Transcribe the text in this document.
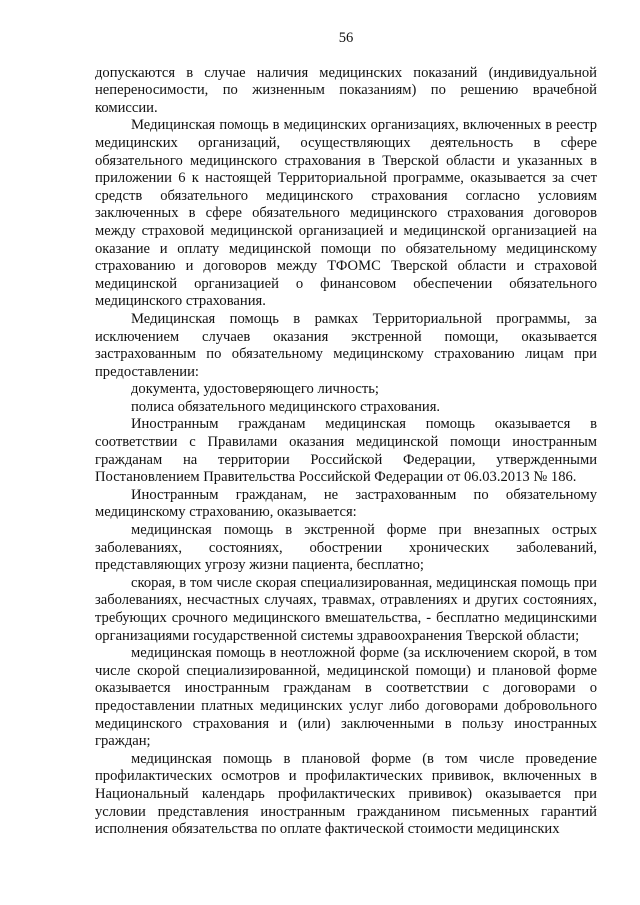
56

допускаются в случае наличия медицинских показаний (индивидуальной непереносимости, по жизненным показаниям) по решению врачебной комиссии.

Медицинская помощь в медицинских организациях, включенных в реестр медицинских организаций, осуществляющих деятельность в сфере обязательного медицинского страхования в Тверской области и указанных в приложении 6 к настоящей Территориальной программе, оказывается за счет средств обязательного медицинского страхования согласно условиям заключенных в сфере обязательного медицинского страхования договоров между страховой медицинской организацией и медицинской организацией на оказание и оплату медицинской помощи по обязательному медицинскому страхованию и договоров между ТФОМС Тверской области и страховой медицинской организацией о финансовом обеспечении обязательного медицинского страхования.

Медицинская помощь в рамках Территориальной программы, за исключением случаев оказания экстренной помощи, оказывается застрахованным по обязательному медицинскому страхованию лицам при предоставлении:

документа, удостоверяющего личность;

полиса обязательного медицинского страхования.

Иностранным гражданам медицинская помощь оказывается в соответствии с Правилами оказания медицинской помощи иностранным гражданам на территории Российской Федерации, утвержденными Постановлением Правительства Российской Федерации от 06.03.2013 № 186.

Иностранным гражданам, не застрахованным по обязательному медицинскому страхованию, оказывается:

медицинская помощь в экстренной форме при внезапных острых заболеваниях, состояниях, обострении хронических заболеваний, представляющих угрозу жизни пациента, бесплатно;

скорая, в том числе скорая специализированная, медицинская помощь при заболеваниях, несчастных случаях, травмах, отравлениях и других состояниях, требующих срочного медицинского вмешательства, - бесплатно медицинскими организациями государственной системы здравоохранения Тверской области;

медицинская помощь в неотложной форме (за исключением скорой, в том числе скорой специализированной, медицинской помощи) и плановой форме оказывается иностранным гражданам в соответствии с договорами о предоставлении платных медицинских услуг либо договорами добровольного медицинского страхования и (или) заключенными в пользу иностранных граждан;

медицинская помощь в плановой форме (в том числе проведение профилактических осмотров и профилактических прививок, включенных в Национальный календарь профилактических прививок) оказывается при условии представления иностранным гражданином письменных гарантий исполнения обязательства по оплате фактической стоимости медицинских
